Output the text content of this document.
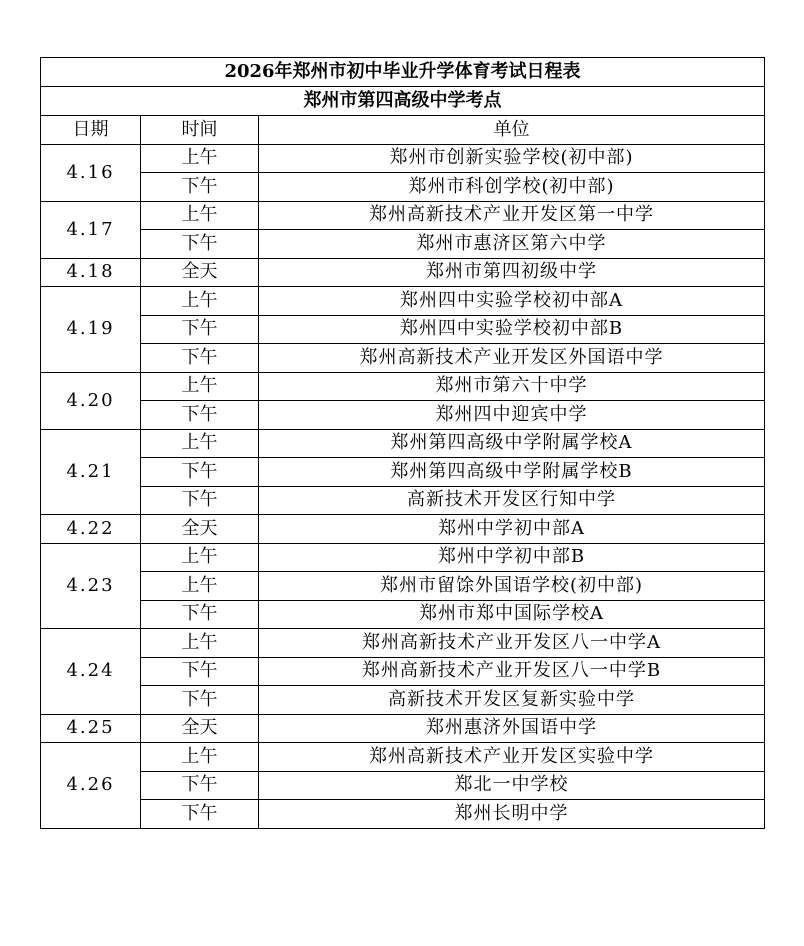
2026年郑州市初中毕业升学体育考试日程表		
郑州市第四高级中学考点		
日期	时间	单位
4.16	上午	郑州市创新实验学校(初中部)
	下午	郑州市科创学校(初中部)
4.17	上午	郑州高新技术产业开发区第一中学
	下午	郑州市惠济区第六中学
4.18	全天	郑州市第四初级中学
4.19	上午	郑州四中实验学校初中部A
	下午	郑州四中实验学校初中部B
	下午	郑州高新技术产业开发区外国语中学
4.20	上午	郑州市第六十中学
	下午	郑州四中迎宾中学
4.21	上午	郑州第四高级中学附属学校A
	下午	郑州第四高级中学附属学校B
	下午	高新技术开发区行知中学
4.22	全天	郑州中学初中部A
4.23	上午	郑州中学初中部B
	上午	郑州市留馀外国语学校(初中部)
	下午	郑州市郑中国际学校A
4.24	上午	郑州高新技术产业开发区八一中学A
	下午	郑州高新技术产业开发区八一中学B
	下午	高新技术开发区复新实验中学
4.25	全天	郑州惠济外国语中学
4.26	上午	郑州高新技术产业开发区实验中学
	下午	郑北一中学校
	下午	郑州长明中学
